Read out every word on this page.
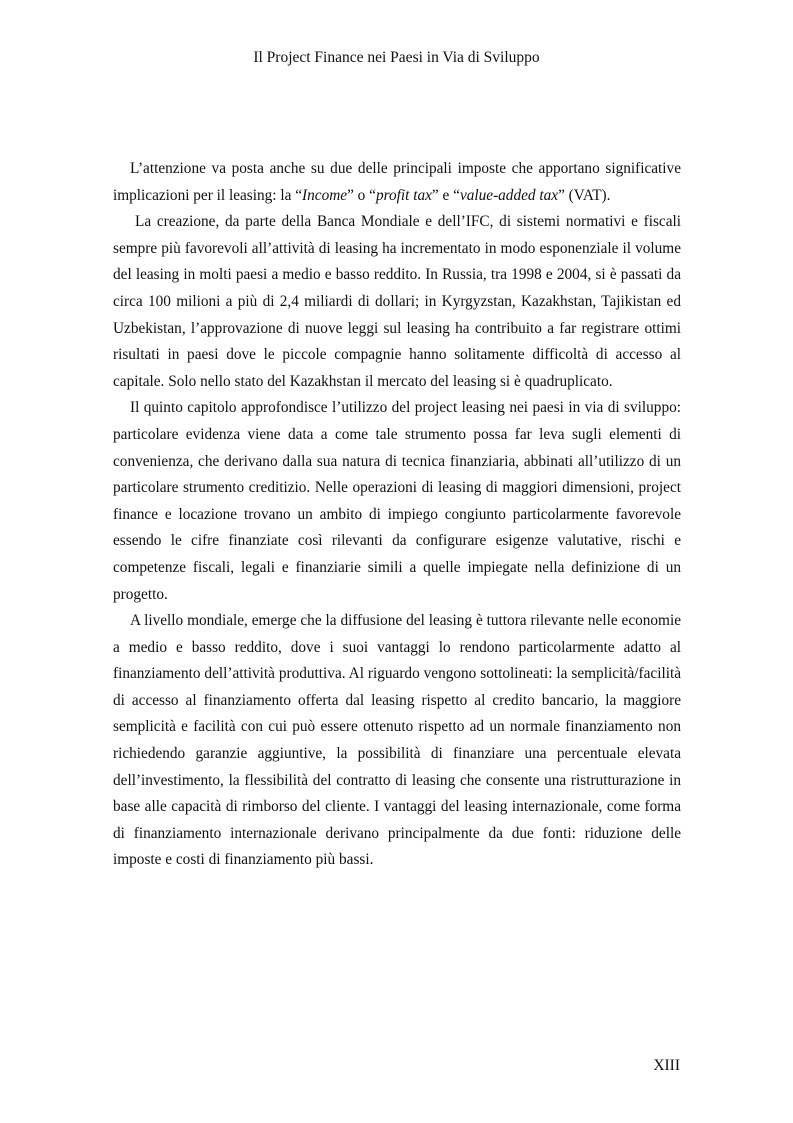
Il Project Finance nei Paesi in Via di Sviluppo

L’attenzione va posta anche su due delle principali imposte che apportano significative implicazioni per il leasing: la “Income” o “profit tax” e “value-added tax” (VAT).

La creazione, da parte della Banca Mondiale e dell’IFC, di sistemi normativi e fiscali sempre più favorevoli all’attività di leasing ha incrementato in modo esponenziale il volume del leasing in molti paesi a medio e basso reddito. In Russia, tra 1998 e 2004, si è passati da circa 100 milioni a più di 2,4 miliardi di dollari; in Kyrgyzstan, Kazakhstan, Tajikistan ed Uzbekistan, l’approvazione di nuove leggi sul leasing ha contribuito a far registrare ottimi risultati in paesi dove le piccole compagnie hanno solitamente difficoltà di accesso al capitale. Solo nello stato del Kazakhstan il mercato del leasing si è quadruplicato.

Il quinto capitolo approfondisce l’utilizzo del project leasing nei paesi in via di sviluppo: particolare evidenza viene data a come tale strumento possa far leva sugli elementi di convenienza, che derivano dalla sua natura di tecnica finanziaria, abbinati all’utilizzo di un particolare strumento creditizio. Nelle operazioni di leasing di maggiori dimensioni, project finance e locazione trovano un ambito di impiego congiunto particolarmente favorevole essendo le cifre finanziate così rilevanti da configurare esigenze valutative, rischi e competenze fiscali, legali e finanziarie simili a quelle impiegate nella definizione di un progetto.

A livello mondiale, emerge che la diffusione del leasing è tuttora rilevante nelle economie a medio e basso reddito, dove i suoi vantaggi lo rendono particolarmente adatto al finanziamento dell’attività produttiva. Al riguardo vengono sottolineati: la semplicità/facilità di accesso al finanziamento offerta dal leasing rispetto al credito bancario, la maggiore semplicità e facilità con cui può essere ottenuto rispetto ad un normale finanziamento non richiedendo garanzie aggiuntive, la possibilità di finanziare una percentuale elevata dell’investimento, la flessibilità del contratto di leasing che consente una ristrutturazione in base alle capacità di rimborso del cliente. I vantaggi del leasing internazionale, come forma di finanziamento internazionale derivano principalmente da due fonti: riduzione delle imposte e costi di finanziamento più bassi.

XIII
